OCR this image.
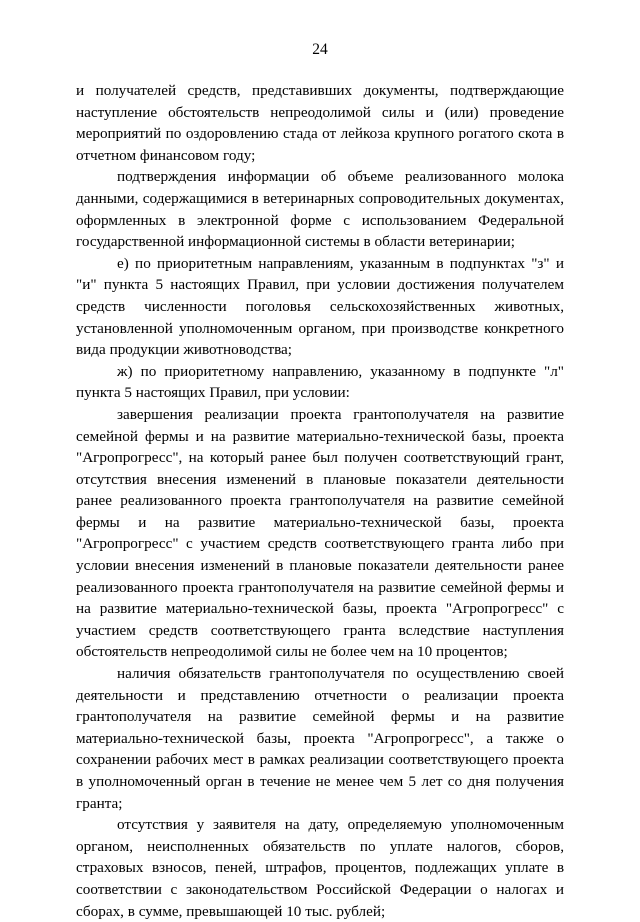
24

и получателей средств, представивших документы, подтверждающие наступление обстоятельств непреодолимой силы и (или) проведение мероприятий по оздоровлению стада от лейкоза крупного рогатого скота в отчетном финансовом году;

подтверждения информации об объеме реализованного молока данными, содержащимися в ветеринарных сопроводительных документах, оформленных в электронной форме с использованием Федеральной государственной информационной системы в области ветеринарии;

е) по приоритетным направлениям, указанным в подпунктах "з" и "и" пункта 5 настоящих Правил, при условии достижения получателем средств численности поголовья сельскохозяйственных животных, установленной уполномоченным органом, при производстве конкретного вида продукции животноводства;

ж) по приоритетному направлению, указанному в подпункте "л" пункта 5 настоящих Правил, при условии:

завершения реализации проекта грантополучателя на развитие семейной фермы и на развитие материально-технической базы, проекта "Агропрогресс", на который ранее был получен соответствующий грант, отсутствия внесения изменений в плановые показатели деятельности ранее реализованного проекта грантополучателя на развитие семейной фермы и на развитие материально-технической базы, проекта "Агропрогресс" с участием средств соответствующего гранта либо при условии внесения изменений в плановые показатели деятельности ранее реализованного проекта грантополучателя на развитие семейной фермы и на развитие материально-технической базы, проекта "Агропрогресс" с участием средств соответствующего гранта вследствие наступления обстоятельств непреодолимой силы не более чем на 10 процентов;

наличия обязательств грантополучателя по осуществлению своей деятельности и представлению отчетности о реализации проекта грантополучателя на развитие семейной фермы и на развитие материально-технической базы, проекта "Агропрогресс", а также о сохранении рабочих мест в рамках реализации соответствующего проекта в уполномоченный орган в течение не менее чем 5 лет со дня получения гранта;

отсутствия у заявителя на дату, определяемую уполномоченным органом, неисполненных обязательств по уплате налогов, сборов, страховых взносов, пеней, штрафов, процентов, подлежащих уплате в соответствии с законодательством Российской Федерации о налогах и сборах, в сумме, превышающей 10 тыс. рублей;
